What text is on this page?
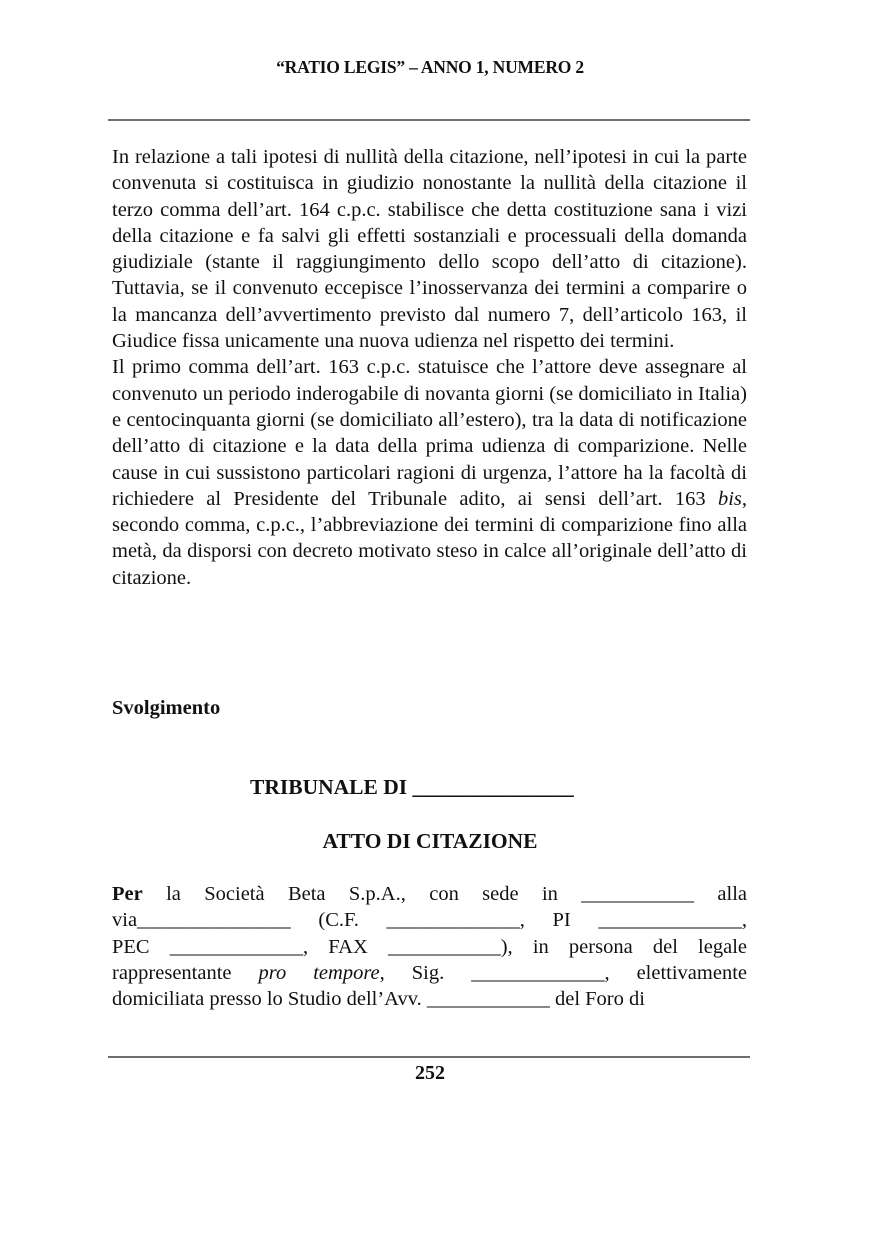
“RATIO LEGIS” – ANNO 1, NUMERO 2

In relazione a tali ipotesi di nullità della citazione, nell’ipotesi in cui la parte convenuta si costituisca in giudizio nonostante la nullità della citazione il terzo comma dell’art. 164 c.p.c. stabilisce che detta costituzione sana i vizi della citazione e fa salvi gli effetti sostanziali e processuali della domanda giudiziale (stante il raggiungimento dello scopo dell’atto di citazione). Tuttavia, se il convenuto eccepisce l’inosservanza dei termini a comparire o la mancanza dell’avvertimento previsto dal numero 7, dell’articolo 163, il Giudice fissa unicamente una nuova udienza nel rispetto dei termini.

Il primo comma dell’art. 163 c.p.c. statuisce che l’attore deve assegnare al convenuto un periodo inderogabile di novanta giorni (se domiciliato in Italia) e centocinquanta giorni (se domiciliato all’estero), tra la data di notificazione dell’atto di citazione e la data della prima udienza di comparizione. Nelle cause in cui sussistono particolari ragioni di urgenza, l’attore ha la facoltà di richiedere al Presidente del Tribunale adito, ai sensi dell’art. 163 bis, secondo comma, c.p.c., l’abbreviazione dei termini di comparizione fino alla metà, da disporsi con decreto motivato steso in calce all’originale dell’atto di citazione.

Svolgimento
TRIBUNALE DI _______________
ATTO DI CITAZIONE
Per la Società Beta S.p.A., con sede in ___________ alla
via_______________ (C.F. _____________, PI ______________,
PEC _____________, FAX ___________), in persona del legale
rappresentante pro tempore, Sig. _____________, elettivamente
domiciliata presso lo Studio dell’Avv. ____________ del Foro di
252
